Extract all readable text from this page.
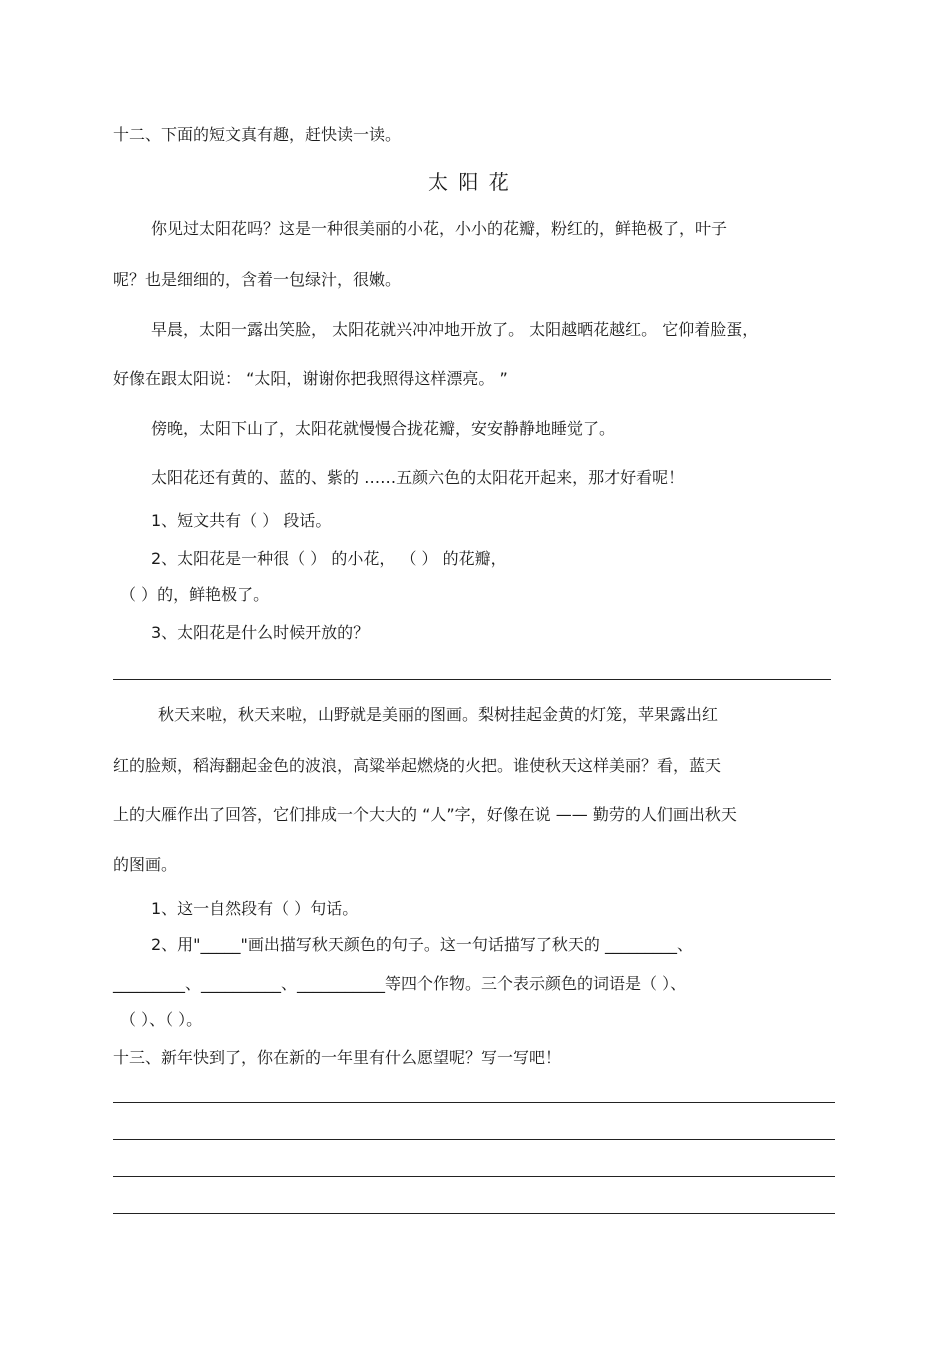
十二、下面的短文真有趣，赶快读一读。
太 阳 花
你见过太阳花吗？这是一种很美丽的小花，小小的花瓣，粉红的，鲜艳极了，叶子
呢？也是细细的，含着一包绿汁，很嫩。
早晨，太阳一露出笑脸， 太阳花就兴冲冲地开放了。 太阳越晒花越红。 它仰着脸蛋，
好像在跟太阳说： “太阳，谢谢你把我照得这样漂亮。 ”
傍晚，太阳下山了，太阳花就慢慢合拢花瓣，安安静静地睡觉了。
太阳花还有黄的、蓝的、紫的 ……五颜六色的太阳花开起来，那才好看呢！
1、短文共有（ ） 段话。
2、太阳花是一种很（ ） 的小花， （ ） 的花瓣，
（ ）的，鲜艳极了。
3、太阳花是什么时候开放的？
秋天来啦，秋天来啦，山野就是美丽的图画。梨树挂起金黄的灯笼，苹果露出红
红的脸颊，稻海翻起金色的波浪，高粱举起燃烧的火把。谁使秋天这样美丽？看，蓝天
上的大雁作出了回答，它们排成一个大大的 “人”字，好像在说 —— 勤劳的人们画出秋天
的图画。
1、这一自然段有（ ）句话。
2、用"_____"画出描写秋天颜色的句子。这一句话描写了秋天的 _________、
_________、__________、___________等四个作物。三个表示颜色的词语是（ ）、
（ ）、（ ）。
十三、新年快到了，你在新的一年里有什么愿望呢？写一写吧！
